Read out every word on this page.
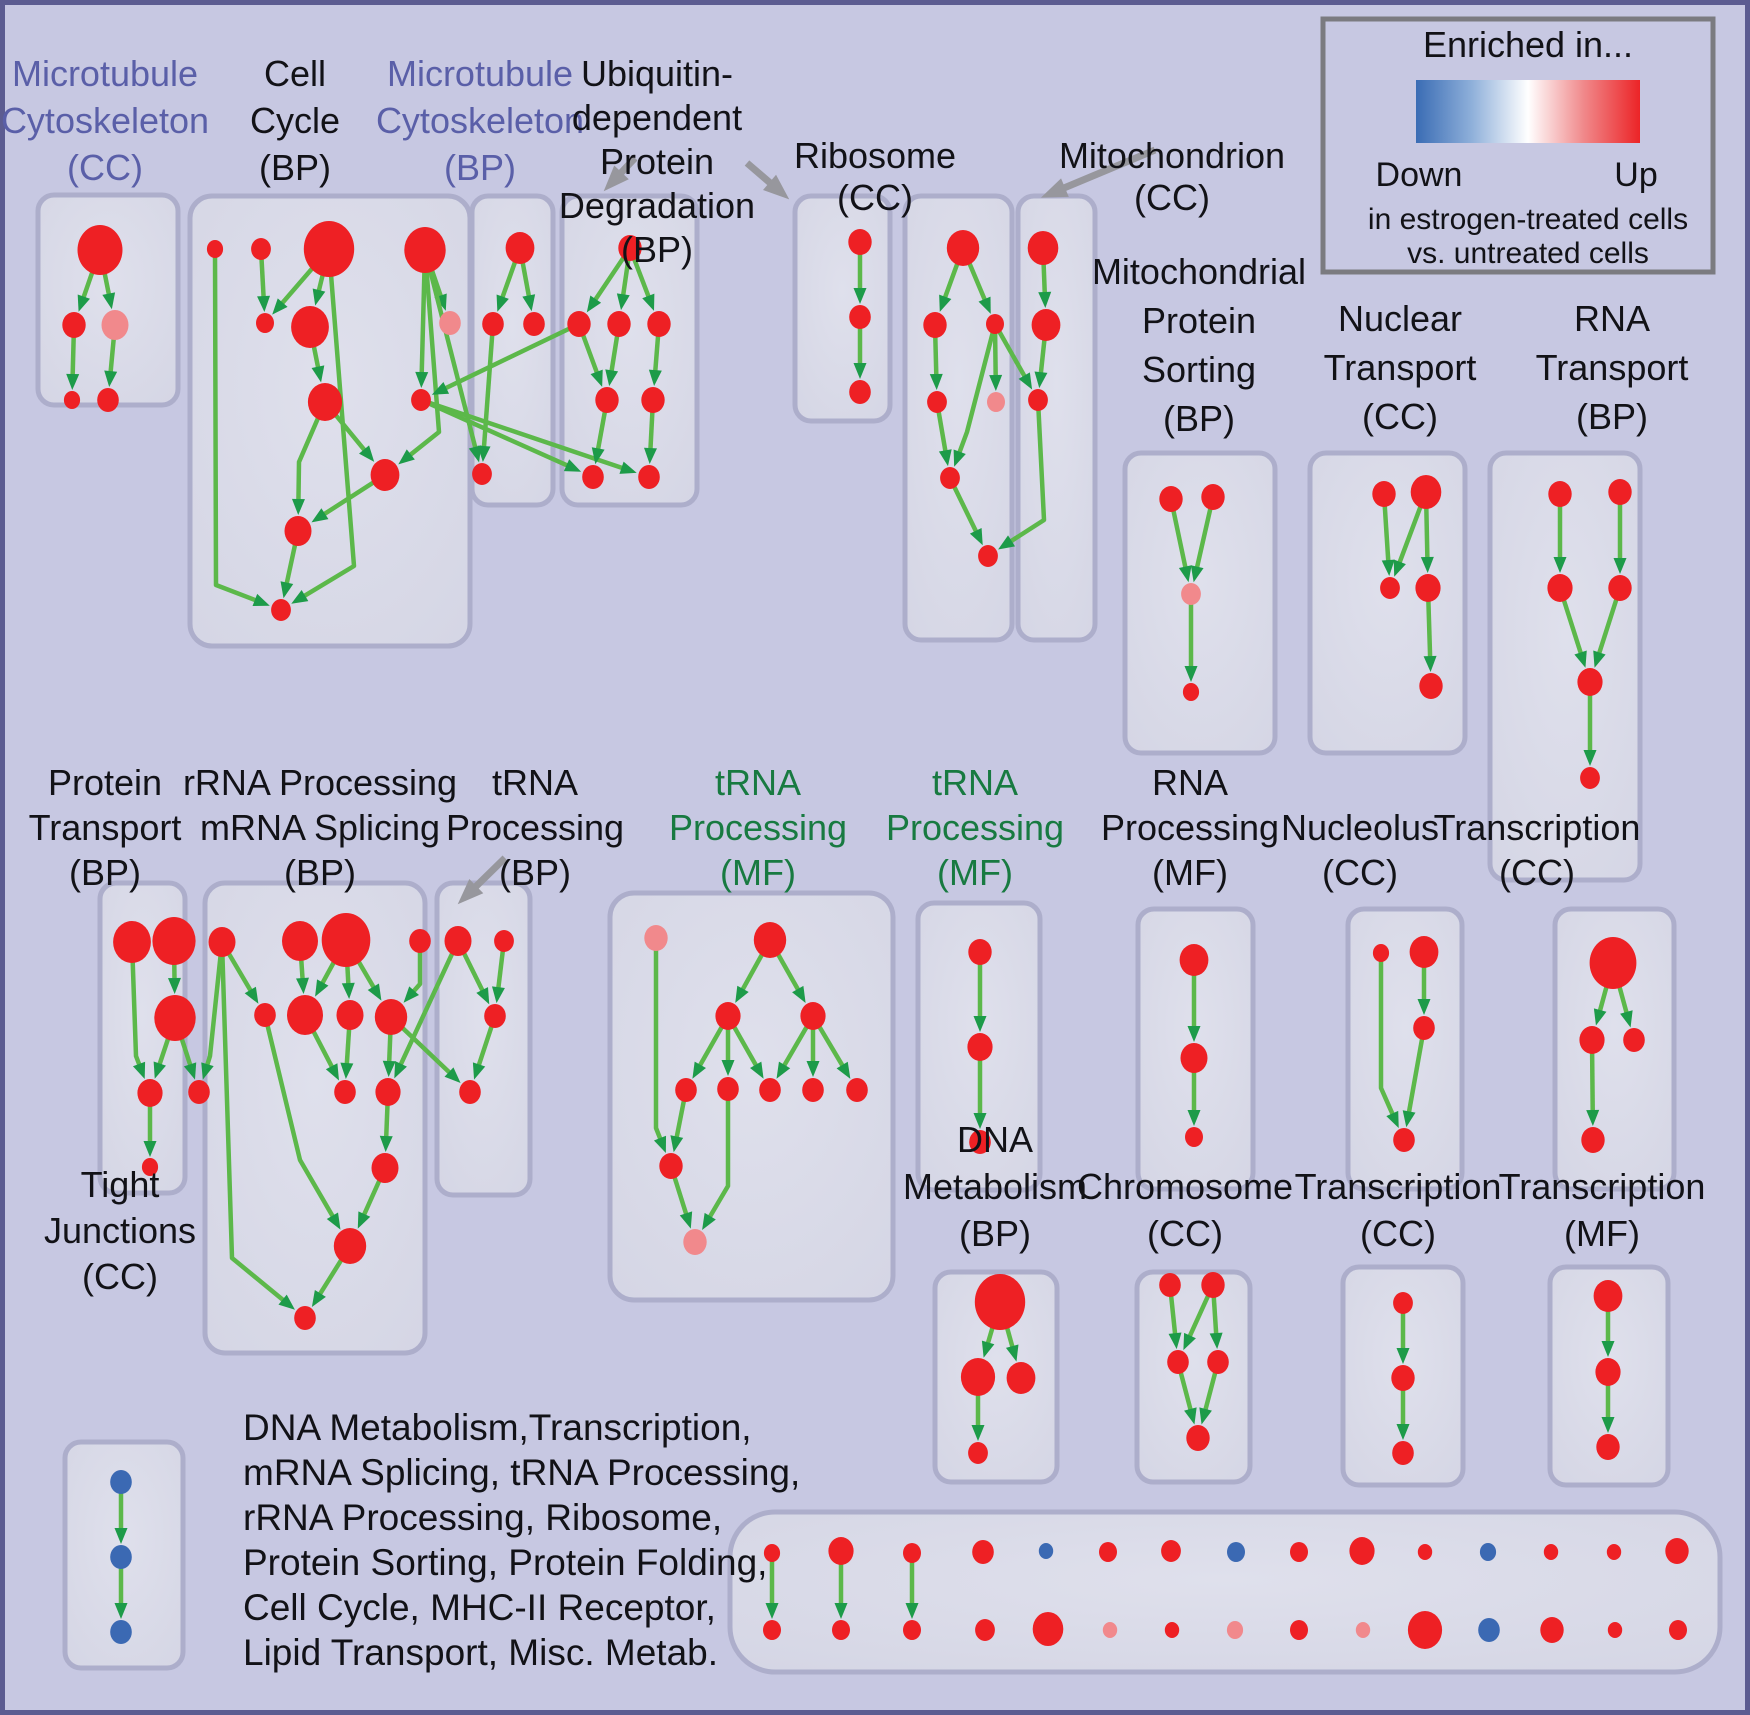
Microtubule Cytoskeleton (CC)
Cell Cycle (BP)
Microtubule Cytoskeleton (BP)
Ubiquitin-dependent Protein Degradation (BP)
Ribosome (CC)
Mitochondrion (CC)
Mitochondrial Protein Sorting (BP)
Nuclear Transport (CC)
RNA Transport (BP)
Protein Transport (BP)
rRNA Processing mRNA Splicing (BP)
tRNA Processing (BP)
tRNA Processing (MF)
tRNA Processing (MF)
RNA Processing (MF)
Nucleolus (CC)
Transcription (CC)
DNA Metabolism (BP)
Chromosome (CC)
Transcription (CC)
Transcription (MF)
Tight Junctions (CC)
Enriched in...
Down	Up
in estrogen-treated cells
vs. untreated cells
DNA Metabolism,Transcription, mRNA Splicing, tRNA Processing, rRNA Processing, Ribosome, Protein Sorting, Protein Folding, Cell Cycle, MHC-II Receptor, Lipid Transport, Misc. Metab.
